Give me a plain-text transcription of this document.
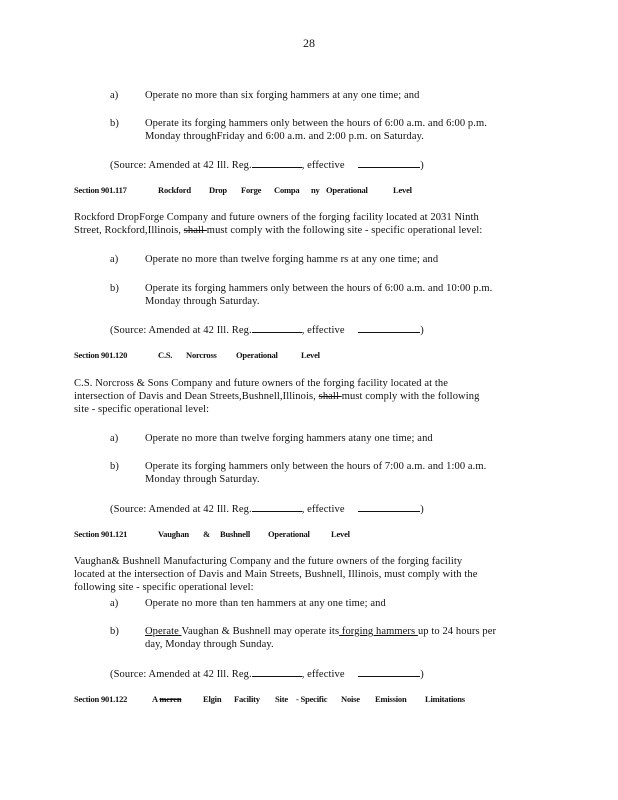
28
a)	Operate no more than six forging hammers at any one time; and
b) Operate its forging hammers only between the hours of 6:00 a.m. and 6:00 p.m.
Monday throughFriday and 6:00 a.m. and 2:00 p.m. on Saturday.
(Source: Amended at 42 Ill. Reg.	, effective	)
Section 901.117	Rockford Drop Forge Compa ny Operational	Level
Rockford DropForge Company and future owners of the forging facility located at 2031 Ninth
Street, Rockford,Illinois, shall must comply with the following site - specific operational level:
a)	Operate no more than twelve forging hamme rs at any one time; and
b) Operate its forging hammers only between the hours of 6:00 a.m. and 10:00 p.m.
Monday through Saturday.
(Source: Amended at 42 Ill. Reg.	, effective	)
Section 901.120	C.S. Norcross Operational	Level
C.S. Norcross & Sons Company and future owners of the forging facility located at the
intersection of Davis and Dean Streets,Bushnell,Illinois, shall must comply with the following
site - specific operational level:
a)	Operate no more than twelve forging hammers atany one time; and
b) Operate its forging hammers only between the hours of 7:00 a.m. and 1:00 a.m.
Monday through Saturday.
(Source: Amended at 42 Ill. Reg.	, effective	)
Section 901.121	Vaughan & Bushnell Operational	Level
Vaughan& Bushnell Manufacturing Company and the future owners of the forging facility
located at the intersection of Davis and Main Streets, Bushnell, Illinois, must comply with the
following site - specific operational level:
a)	Operate no more than ten hammers at any one time; and
b) Operate Vaughan & Bushnell may operate its forging hammers up to 24 hours per
day, Monday through Sunday.
(Source: Amended at 42 Ill. Reg.	, effective	)
Section 901.122	A meren	Elgin Facility Site - Specific Noise Emission Limitations
